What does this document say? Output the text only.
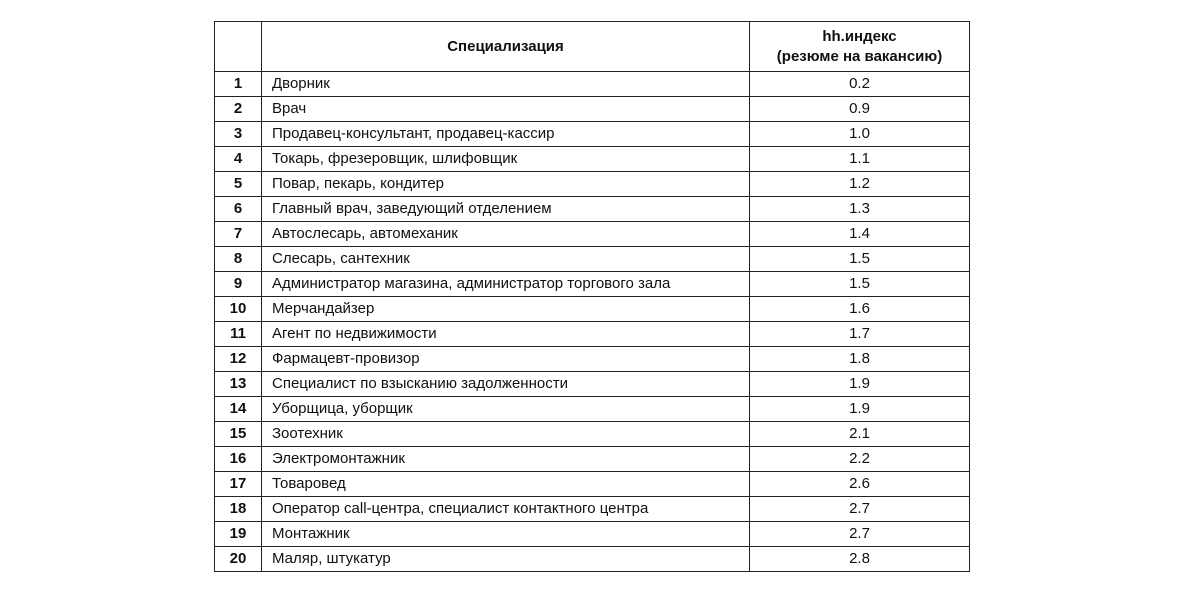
	Специализация	hh.индекс
(резюме на вакансию)

1	Дворник	0.2
2	Врач	0.9
3	Продавец-консультант, продавец-кассир	1.0
4	Токарь, фрезеровщик, шлифовщик	1.1
5	Повар, пекарь, кондитер	1.2
6	Главный врач, заведующий отделением	1.3
7	Автослесарь, автомеханик	1.4
8	Слесарь, сантехник	1.5
9	Администратор магазина, администратор торгового зала	1.5
10	Мерчандайзер	1.6
11	Агент по недвижимости	1.7
12	Фармацевт-провизор	1.8
13	Специалист по взысканию задолженности	1.9
14	Уборщица, уборщик	1.9
15	Зоотехник	2.1
16	Электромонтажник	2.2
17	Товаровед	2.6
18	Оператор call-центра, специалист контактного центра	2.7
19	Монтажник	2.7
20	Маляр, штукатур	2.8
